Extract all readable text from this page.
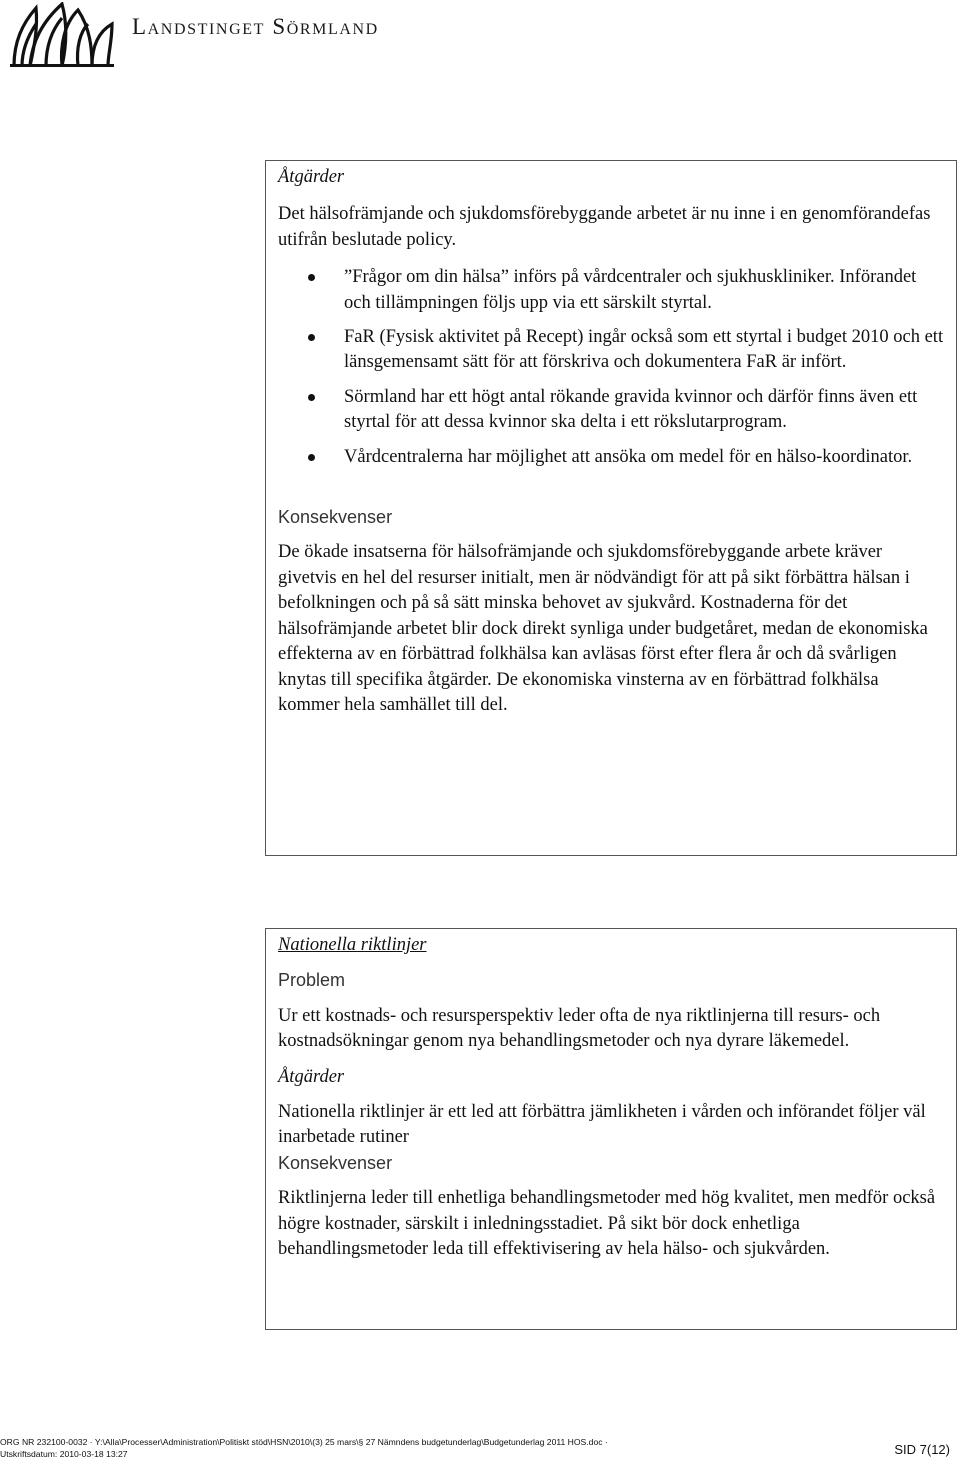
Landstinget Sörmland

Åtgärder

Det hälsofrämjande och sjukdomsförebyggande arbetet är nu inne i en genomförandefas utifrån beslutade policy.

”Frågor om din hälsa” införs på vårdcentraler och sjukhuskliniker. Införandet och tillämpningen följs upp via ett särskilt styrtal.
FaR (Fysisk aktivitet på Recept) ingår också som ett styrtal i budget 2010 och ett länsgemensamt sätt för att förskriva och dokumentera FaR är infört.
Sörmland har ett högt antal rökande gravida kvinnor och därför finns även ett styrtal för att dessa kvinnor ska delta i ett rökslutarprogram.
Vårdcentralerna har möjlighet att ansöka om medel för en hälso-koordinator.

Konsekvenser

De ökade insatserna för hälsofrämjande och sjukdomsförebyggande arbete kräver givetvis en hel del resurser initialt, men är nödvändigt för att på sikt förbättra hälsan i befolkningen och på så sätt minska behovet av sjukvård. Kostnaderna för det hälsofrämjande arbetet blir dock direkt synliga under budgetåret, medan de ekonomiska effekterna av en förbättrad folkhälsa kan avläsas först efter flera år och då svårligen knytas till specifika åtgärder. De ekonomiska vinsterna av en förbättrad folkhälsa kommer hela samhället till del.

Nationella riktlinjer

Problem

Ur ett kostnads- och resursperspektiv leder ofta de nya riktlinjerna till resurs- och kostnadsökningar genom nya behandlingsmetoder och nya dyrare läkemedel.

Åtgärder

Nationella riktlinjer är ett led att förbättra jämlikheten i vården och införandet följer väl inarbetade rutiner

Konsekvenser

Riktlinjerna leder till enhetliga behandlingsmetoder med hög kvalitet, men medför också högre kostnader, särskilt i inledningsstadiet. På sikt bör dock enhetliga behandlingsmetoder leda till effektivisering av hela hälso- och sjukvården.

ORG NR 232100-0032 · Y:\Alla\Processer\Administration\Politiskt stöd\HSN\2010\(3) 25 mars\§ 27 Nämndens budgetunderlag\Budgetunderlag 2011 HOS.doc ·
Utskriftsdatum: 2010-03-18 13:27	SID 7(12)
